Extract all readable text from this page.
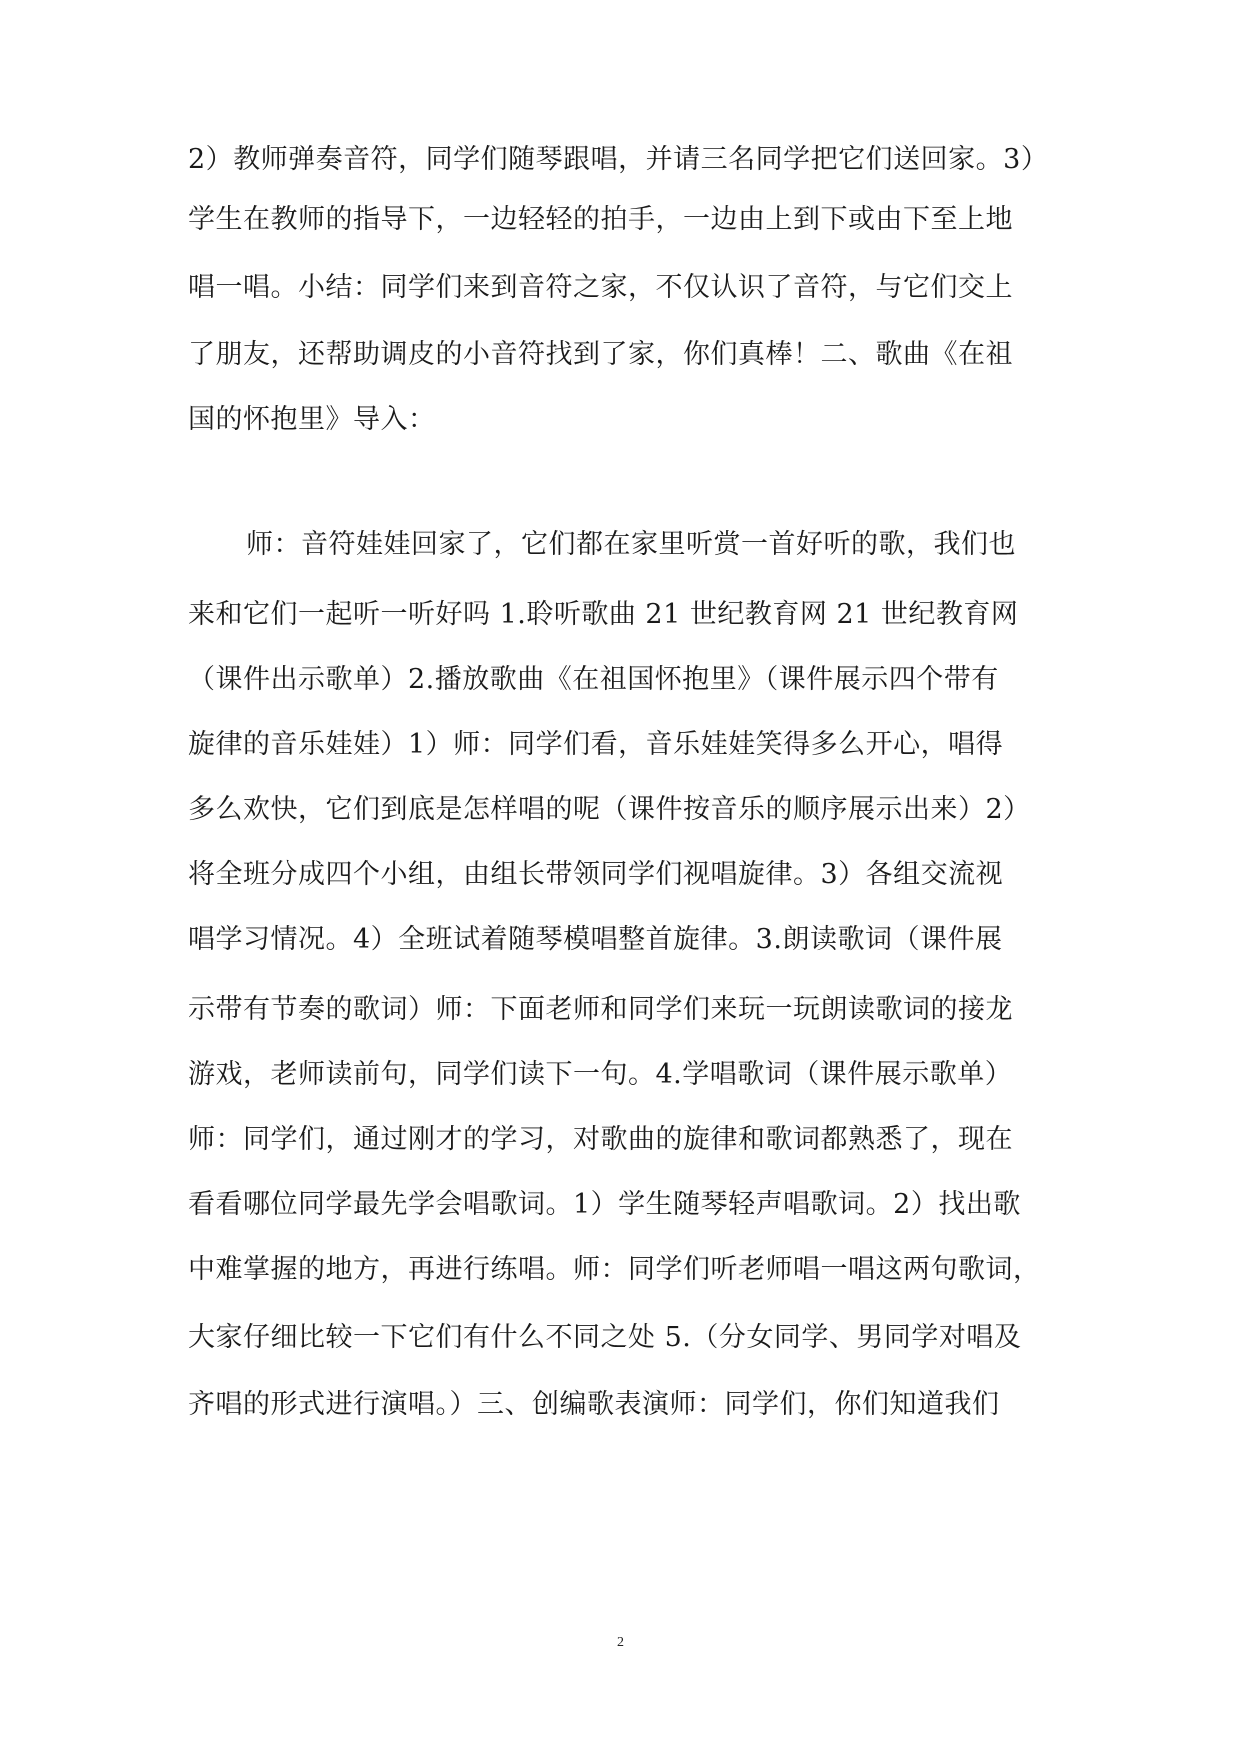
2）教师弹奏音符，同学们随琴跟唱，并请三名同学把它们送回家。3）
学生在教师的指导下，一边轻轻的拍手，一边由上到下或由下至上地
唱一唱。小结：同学们来到音符之家，不仅认识了音符，与它们交上
了朋友，还帮助调皮的小音符找到了家，你们真棒！二、歌曲《在祖
国的怀抱里》导入：
师：音符娃娃回家了，它们都在家里听赏一首好听的歌，我们也
来和它们一起听一听好吗 1.聆听歌曲 21 世纪教育网 21 世纪教育网
（课件出示歌单）2.播放歌曲《在祖国怀抱里》（课件展示四个带有
旋律的音乐娃娃）1）师：同学们看，音乐娃娃笑得多么开心，唱得
多么欢快，它们到底是怎样唱的呢（课件按音乐的顺序展示出来）2）
将全班分成四个小组，由组长带领同学们视唱旋律。3）各组交流视
唱学习情况。4）全班试着随琴模唱整首旋律。3.朗读歌词（课件展
示带有节奏的歌词）师：下面老师和同学们来玩一玩朗读歌词的接龙
游戏，老师读前句，同学们读下一句。4.学唱歌词（课件展示歌单）
师：同学们，通过刚才的学习，对歌曲的旋律和歌词都熟悉了，现在
看看哪位同学最先学会唱歌词。1）学生随琴轻声唱歌词。2）找出歌
中难掌握的地方，再进行练唱。师：同学们听老师唱一唱这两句歌词，
大家仔细比较一下它们有什么不同之处 5.（分女同学、男同学对唱及
齐唱的形式进行演唱。）三、创编歌表演师：同学们，你们知道我们
2
